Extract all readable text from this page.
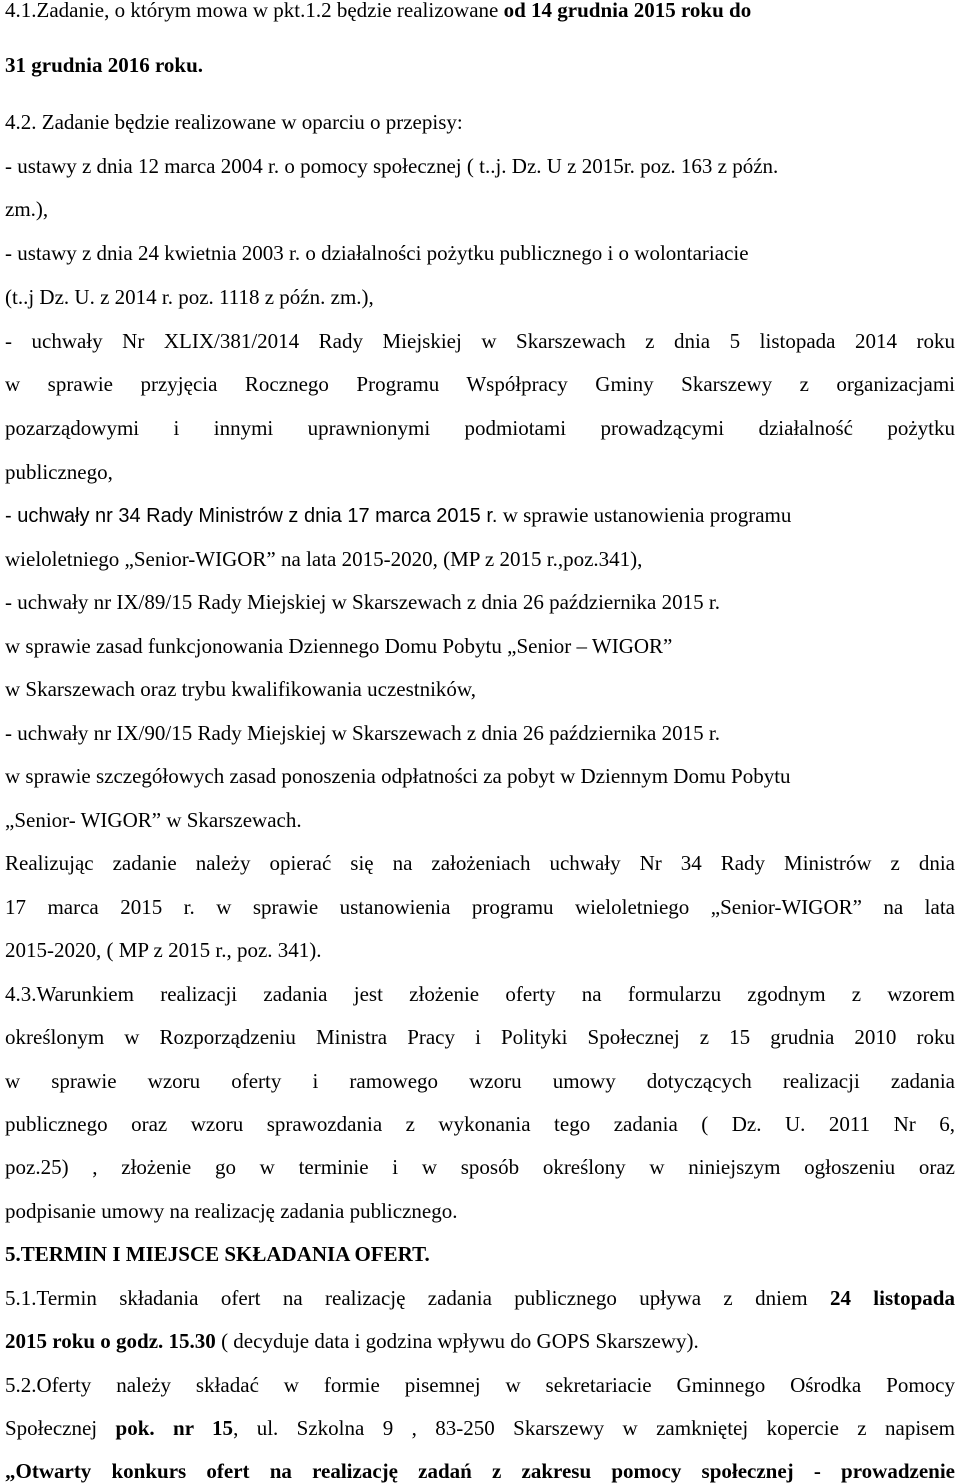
4.1.Zadanie, o którym mowa w pkt.1.2 będzie realizowane od 14 grudnia 2015 roku do
31 grudnia 2016 roku.
4.2. Zadanie będzie realizowane w oparciu o przepisy:
- ustawy z dnia 12 marca 2004 r. o pomocy społecznej ( t..j. Dz. U z 2015r. poz. 163 z późn.
zm.),
- ustawy z dnia 24 kwietnia 2003 r. o działalności pożytku publicznego i o wolontariacie
(t..j Dz. U. z 2014 r. poz. 1118 z późn. zm.),
- uchwały Nr XLIX/381/2014 Rady Miejskiej w Skarszewach z dnia 5 listopada 2014 roku
w sprawie przyjęcia Rocznego Programu Współpracy Gminy Skarszewy z organizacjami
pozarządowymi i innymi uprawnionymi podmiotami prowadzącymi działalność pożytku
publicznego,
- uchwały nr 34 Rady Ministrów z dnia 17 marca 2015 r. w sprawie ustanowienia programu
wieloletniego „Senior-WIGOR” na lata 2015-2020, (MP z 2015 r.,poz.341),
- uchwały nr IX/89/15 Rady Miejskiej w Skarszewach z dnia 26 października 2015 r.
w sprawie zasad funkcjonowania Dziennego Domu Pobytu „Senior – WIGOR”
w Skarszewach oraz trybu kwalifikowania uczestników,
- uchwały nr IX/90/15 Rady Miejskiej w Skarszewach z dnia 26 października 2015 r.
w sprawie szczegółowych zasad ponoszenia odpłatności za pobyt w Dziennym Domu Pobytu
„Senior- WIGOR” w Skarszewach.
Realizując zadanie należy opierać się na założeniach uchwały Nr 34 Rady Ministrów z dnia
17 marca 2015 r. w sprawie ustanowienia programu wieloletniego „Senior-WIGOR” na lata
2015-2020, ( MP z 2015 r., poz. 341).
4.3.Warunkiem realizacji zadania jest złożenie oferty na formularzu zgodnym z wzorem
określonym w Rozporządzeniu Ministra Pracy i Polityki Społecznej z 15 grudnia 2010 roku
w sprawie wzoru oferty i ramowego wzoru umowy dotyczących realizacji zadania
publicznego oraz wzoru sprawozdania z wykonania tego zadania ( Dz. U. 2011 Nr 6,
poz.25) , złożenie go w terminie i w sposób określony w niniejszym ogłoszeniu oraz
podpisanie umowy na realizację zadania publicznego.
5.TERMIN I MIEJSCE SKŁADANIA OFERT.
5.1.Termin składania ofert na realizację zadania publicznego upływa z dniem 24 listopada
2015 roku o godz. 15.30 ( decyduje data i godzina wpływu do GOPS Skarszewy).
5.2.Oferty należy składać w formie pisemnej w sekretariacie Gminnego Ośrodka Pomocy
Społecznej pok. nr 15, ul. Szkolna 9 , 83-250 Skarszewy w zamkniętej kopercie z napisem
„Otwarty konkurs ofert na realizację zadań z zakresu pomocy społecznej - prowadzenie
